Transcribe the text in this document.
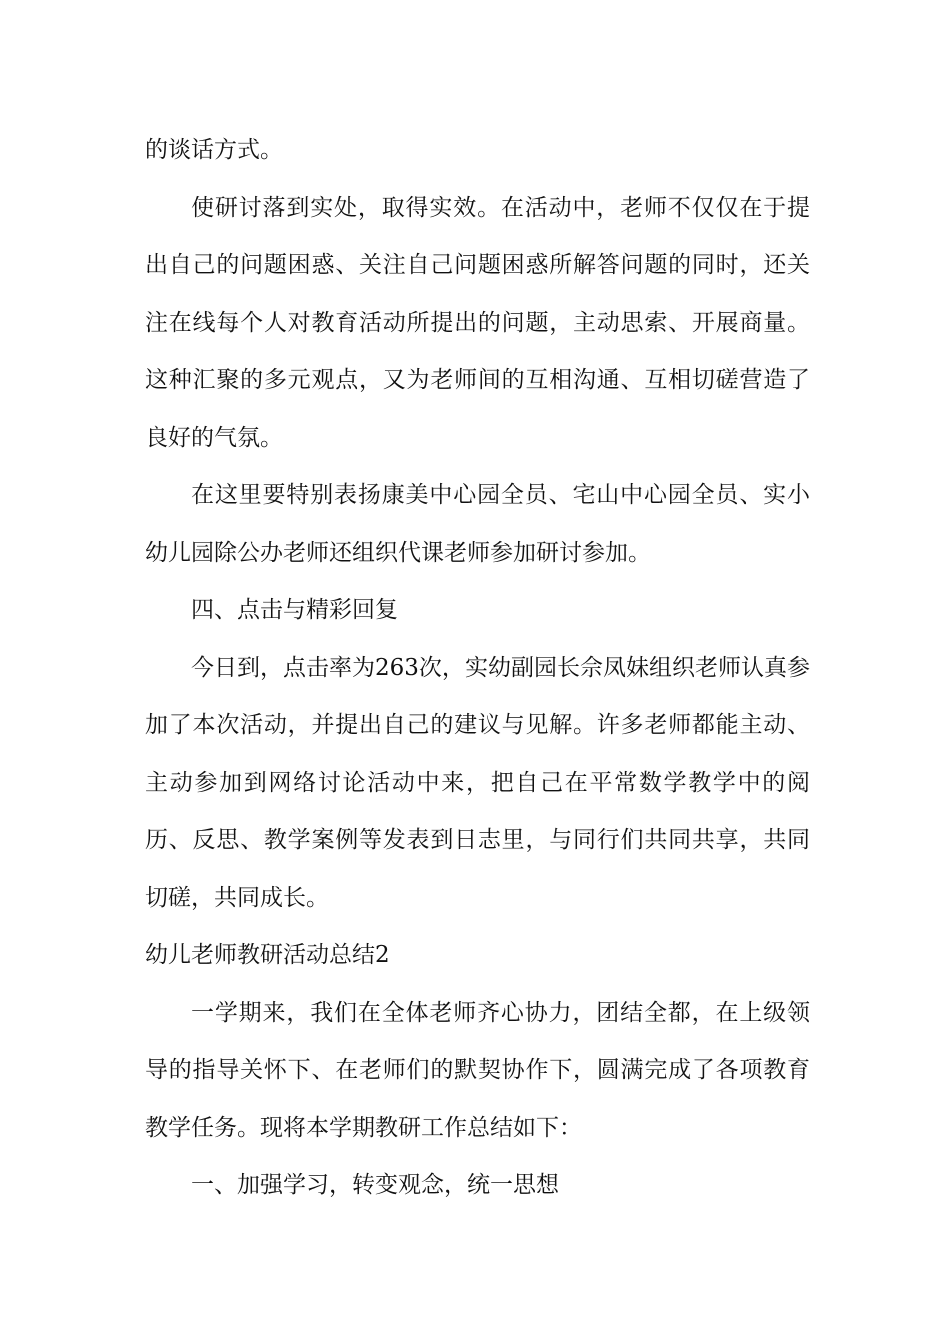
的谈话方式。

使研讨落到实处，取得实效。在活动中，老师不仅仅在于提出自己的问题困惑、关注自己问题困惑所解答问题的同时，还关注在线每个人对教育活动所提出的问题，主动思索、开展商量。这种汇聚的多元观点，又为老师间的互相沟通、互相切磋营造了良好的气氛。

在这里要特别表扬康美中心园全员、宅山中心园全员、实小幼儿园除公办老师还组织代课老师参加研讨参加。

四、点击与精彩回复

今日到，点击率为263次，实幼副园长佘凤妹组织老师认真参加了本次活动，并提出自己的建议与见解。许多老师都能主动、主动参加到网络讨论活动中来，把自己在平常数学教学中的阅历、反思、教学案例等发表到日志里，与同行们共同共享，共同切磋，共同成长。

幼儿老师教研活动总结2

一学期来，我们在全体老师齐心协力，团结全都，在上级领导的指导关怀下、在老师们的默契协作下，圆满完成了各项教育教学任务。现将本学期教研工作总结如下：

一、加强学习，转变观念，统一思想
